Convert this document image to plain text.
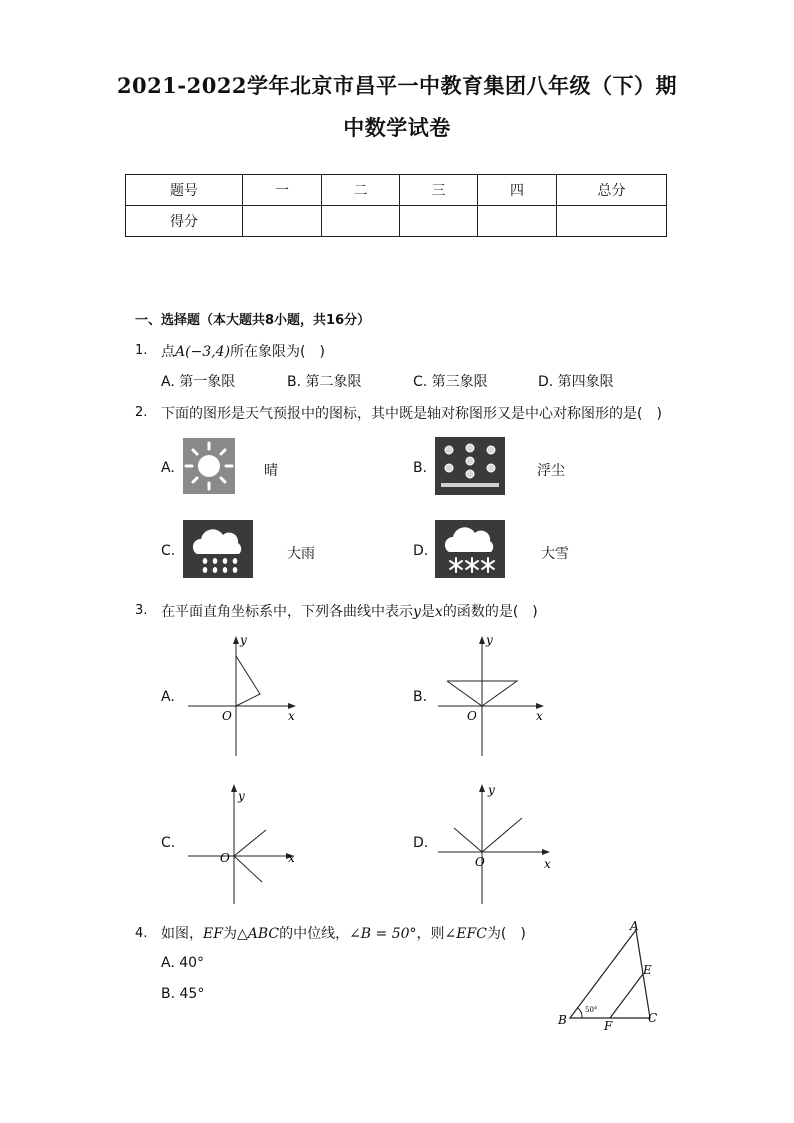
2021-2022学年北京市昌平一中教育集团八年级（下）期
中数学试卷
题号	一	二	三	四	总分
得分					
一、选择题（本大题共8小题，共16分）
1. 点A(−3,4)所在象限为(　)
A. 第一象限	B. 第二象限	C. 第三象限	D. 第四象限
2. 下面的图形是天气预报中的图标，其中既是轴对称图形又是中心对称图形的是(　)
A.	晴	B.	浮尘
C.	大雨	D.	大雪
3. 在平面直角坐标系中，下列各曲线中表示y是x的函数的是(　)
A.
y
x
O
B.
y
x
O
C.
y
x
O
D.
y
x
O
4. 如图，EF为△ABC的中位线，∠B = 50°，则∠EFC为(　)
A. 40°
B. 45°
A
B	C
E
F
50°
